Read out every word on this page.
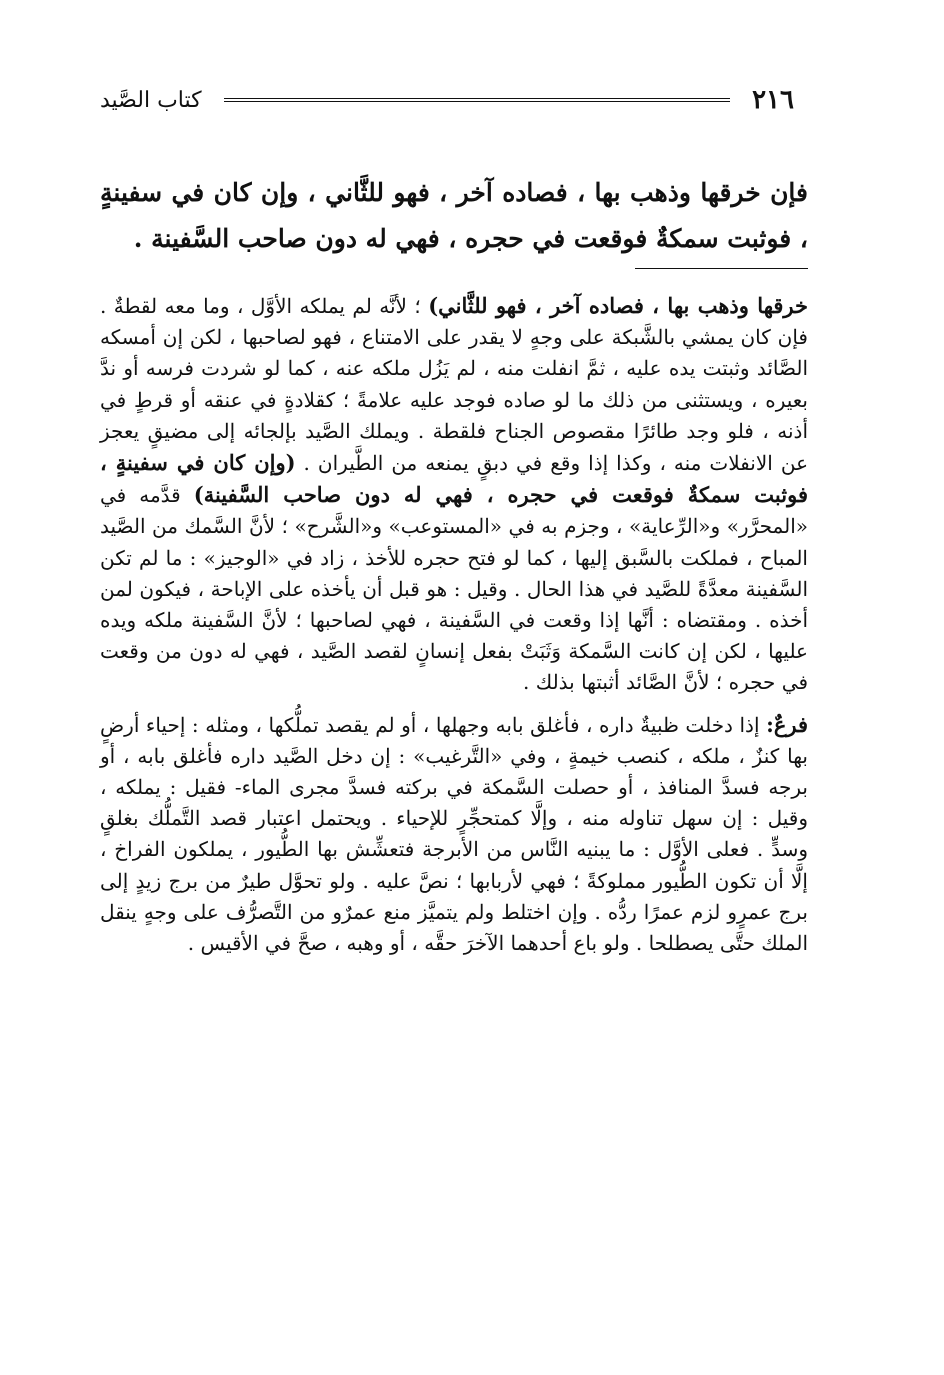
٢١٦
كتاب الصَّيد
فإن خرقها وذهب بها ، فصاده آخر ، فهو للثَّاني ، وإن كان في سفينةٍ ، فوثبت سمكةٌ فوقعت في حجره ، فهي له دون صاحب السَّفينة .

خرقها وذهب بها ، فصاده آخر ، فهو للثَّاني) ؛ لأنَّه لم يملكه الأوَّل ، وما معه لقطةٌ . فإن كان يمشي بالشَّبكة على وجهٍ لا يقدر على الامتناع ، فهو لصاحبها ، لكن إن أمسكه الصَّائد وثبتت يده عليه ، ثمَّ انفلت منه ، لم يَزُل ملكه عنه ، كما لو شردت فرسه أو ندَّ بعيره ، ويستثنى من ذلك ما لو صاده فوجد عليه علامةً ؛ كقلادةٍ في عنقه أو قرطٍ في أذنه ، فلو وجد طائرًا مقصوص الجناح فلقطة . ويملك الصَّيد بإلجائه إلى مضيقٍ يعجز عن الانفلات منه ، وكذا إذا وقع في دبقٍ يمنعه من الطَّيران . (وإن كان في سفينةٍ ، فوثبت سمكةٌ فوقعت في حجره ، فهي له دون صاحب السَّفينة) قدَّمه في «المحرَّر» و«الرِّعاية» ، وجزم به في «المستوعب» و«الشَّرح» ؛ لأنَّ السَّمك من الصَّيد المباح ، فملكت بالسَّبق إليها ، كما لو فتح حجره للأخذ ، زاد في «الوجيز» : ما لم تكن السَّفينة معدَّةً للصَّيد في هذا الحال . وقيل : هو قبل أن يأخذه على الإباحة ، فيكون لمن أخذه . ومقتضاه : أنَّها إذا وقعت في السَّفينة ، فهي لصاحبها ؛ لأنَّ السَّفينة ملكه ويده عليها ، لكن إن كانت السَّمكة وَثَبَتْ بفعل إنسانٍ لقصد الصَّيد ، فهي له دون من وقعت في حجره ؛ لأنَّ الصَّائد أثبتها بذلك .

فرعٌ: إذا دخلت ظبيةٌ داره ، فأغلق بابه وجهلها ، أو لم يقصد تملُّكها ، ومثله : إحياء أرضٍ بها كنزٌ ، ملكه ، كنصب خيمةٍ ، وفي «التَّرغيب» : إن دخل الصَّيد داره فأغلق بابه ، أو برجه فسدَّ المنافذ ، أو حصلت السَّمكة في بركته فسدَّ مجرى الماء- فقيل : يملكه ، وقيل : إن سهل تناوله منه ، وإلَّا كمتحجِّرٍ للإحياء . ويحتمل اعتبار قصد التَّملُّك بغلقٍ وسدٍّ . فعلى الأوَّل : ما يبنيه النَّاس من الأبرجة فتعشِّش بها الطُّيور ، يملكون الفراخ ، إلَّا أن تكون الطُّيور مملوكةً ؛ فهي لأربابها ؛ نصَّ عليه . ولو تحوَّل طيرٌ من برج زيدٍ إلى برج عمرٍو لزم عمرًا ردُّه . وإن اختلط ولم يتميَّز منع عمرٌو من التَّصرُّف على وجهٍ ينقل الملك حتَّى يصطلحا . ولو باع أحدهما الآخرَ حقَّه ، أو وهبه ، صحَّ في الأقيس .
